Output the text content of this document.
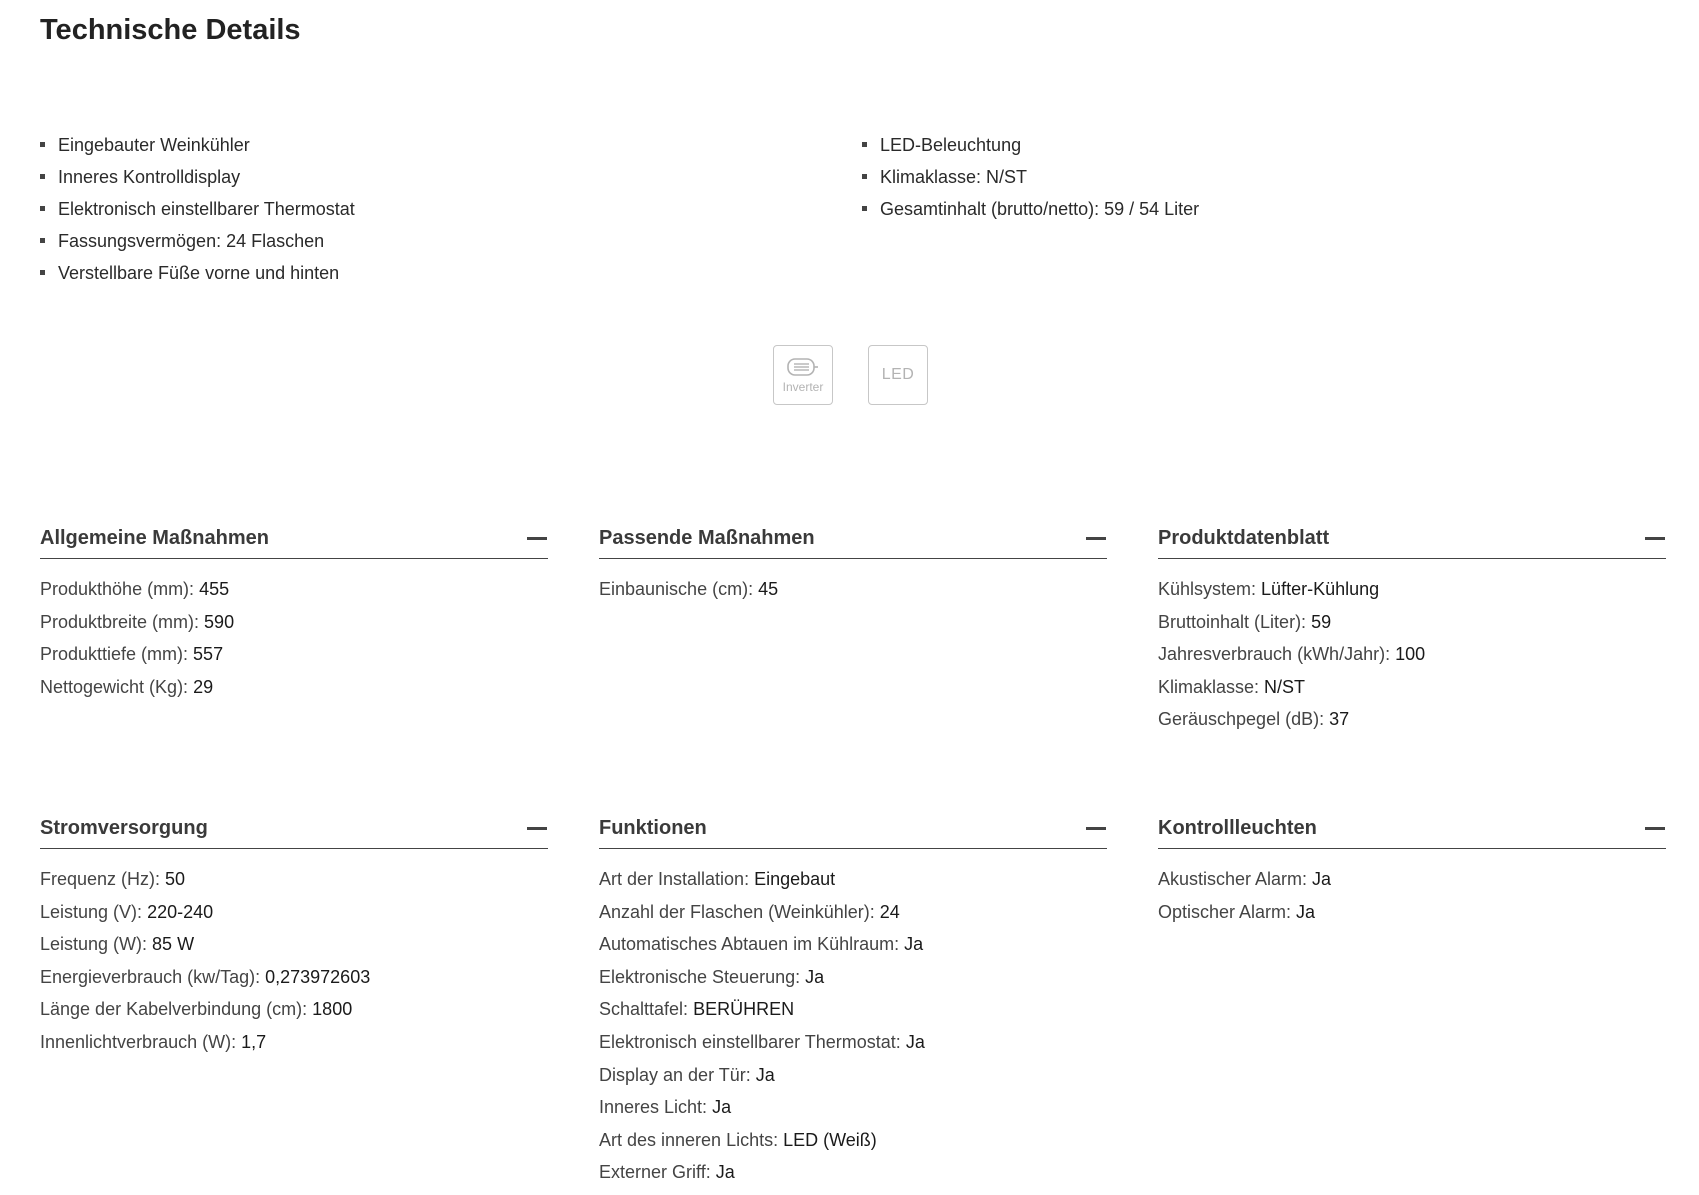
Technische Details
Eingebauter Weinkühler
Inneres Kontrolldisplay
Elektronisch einstellbarer Thermostat
Fassungsvermögen: 24 Flaschen
Verstellbare Füße vorne und hinten
LED-Beleuchtung
Klimaklasse: N/ST
Gesamtinhalt (brutto/netto): 59 / 54 Liter
Inverter
LED
Allgemeine Maßnahmen
Produkthöhe (mm): 455
Produktbreite (mm): 590
Produkttiefe (mm): 557
Nettogewicht (Kg): 29
Passende Maßnahmen
Einbaunische (cm): 45
Produktdatenblatt
Kühlsystem: Lüfter-Kühlung
Bruttoinhalt (Liter): 59
Jahresverbrauch (kWh/Jahr): 100
Klimaklasse: N/ST
Geräuschpegel (dB): 37
Stromversorgung
Frequenz (Hz): 50
Leistung (V): 220-240
Leistung (W): 85 W
Energieverbrauch (kw/Tag): 0,273972603
Länge der Kabelverbindung (cm): 1800
Innenlichtverbrauch (W): 1,7
Funktionen
Art der Installation: Eingebaut
Anzahl der Flaschen (Weinkühler): 24
Automatisches Abtauen im Kühlraum: Ja
Elektronische Steuerung: Ja
Schalttafel: BERÜHREN
Elektronisch einstellbarer Thermostat: Ja
Display an der Tür: Ja
Inneres Licht: Ja
Art des inneren Lichts: LED (Weiß)
Externer Griff: Ja
Kontrollleuchten
Akustischer Alarm: Ja
Optischer Alarm: Ja
